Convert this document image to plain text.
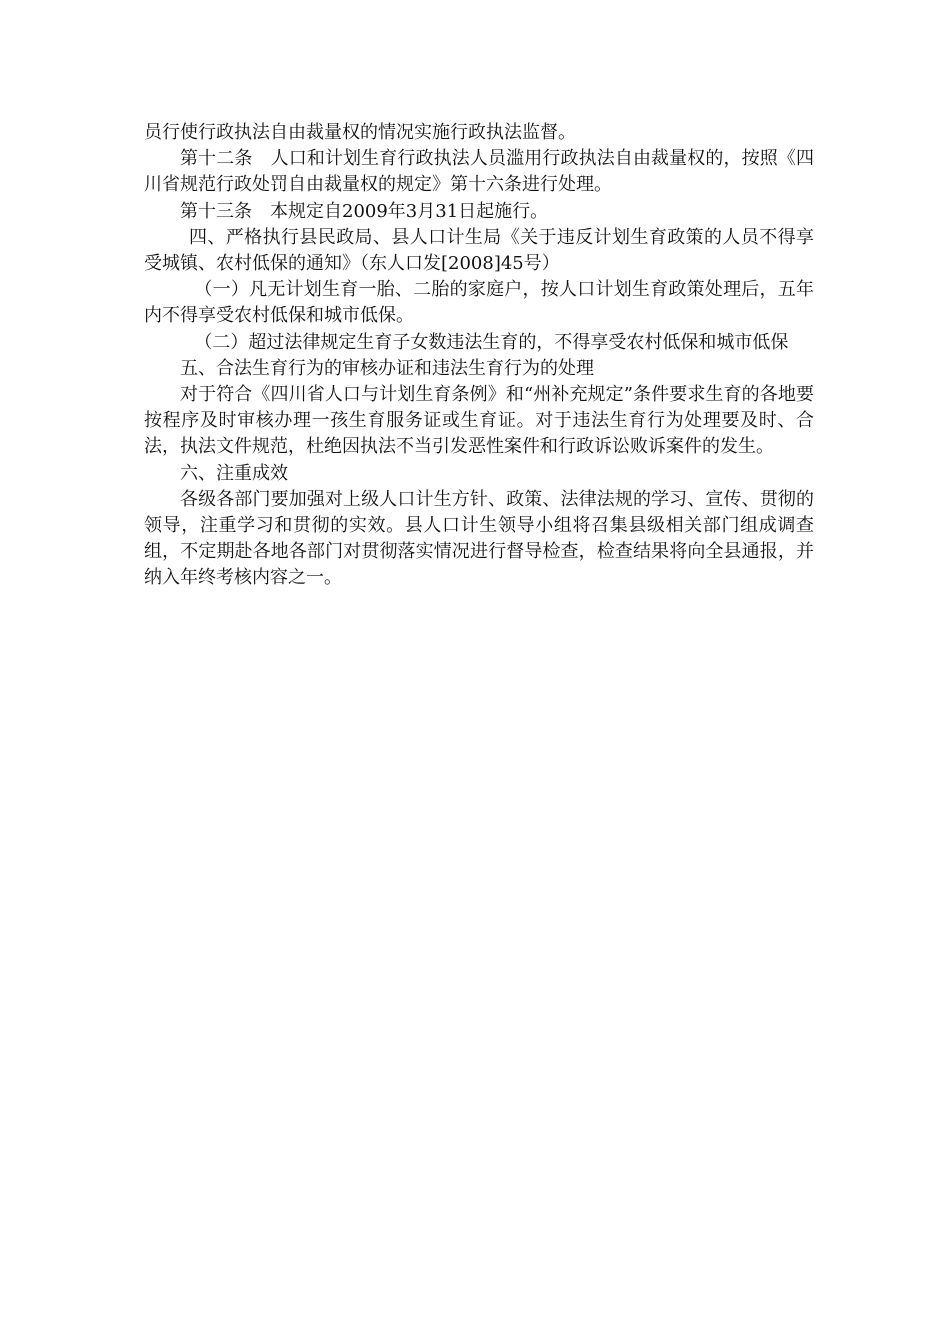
员行使行政执法自由裁量权的情况实施行政执法监督。

第十二条　人口和计划生育行政执法人员滥用行政执法自由裁量权的，按照《四川省规范行政处罚自由裁量权的规定》第十六条进行处理。

第十三条　本规定自2009年3月31日起施行。

四、严格执行县民政局、县人口计生局《关于违反计划生育政策的人员不得享受城镇、农村低保的通知》（东人口发[2008]45号）

（一）凡无计划生育一胎、二胎的家庭户，按人口计划生育政策处理后，五年内不得享受农村低保和城市低保。

（二）超过法律规定生育子女数违法生育的，不得享受农村低保和城市低保

五、合法生育行为的审核办证和违法生育行为的处理

对于符合《四川省人口与计划生育条例》和“州补充规定”条件要求生育的各地要按程序及时审核办理一孩生育服务证或生育证。对于违法生育行为处理要及时、合法，执法文件规范，杜绝因执法不当引发恶性案件和行政诉讼败诉案件的发生。

六、注重成效

各级各部门要加强对上级人口计生方针、政策、法律法规的学习、宣传、贯彻的领导，注重学习和贯彻的实效。县人口计生领导小组将召集县级相关部门组成调查组，不定期赴各地各部门对贯彻落实情况进行督导检查，检查结果将向全县通报，并纳入年终考核内容之一。
